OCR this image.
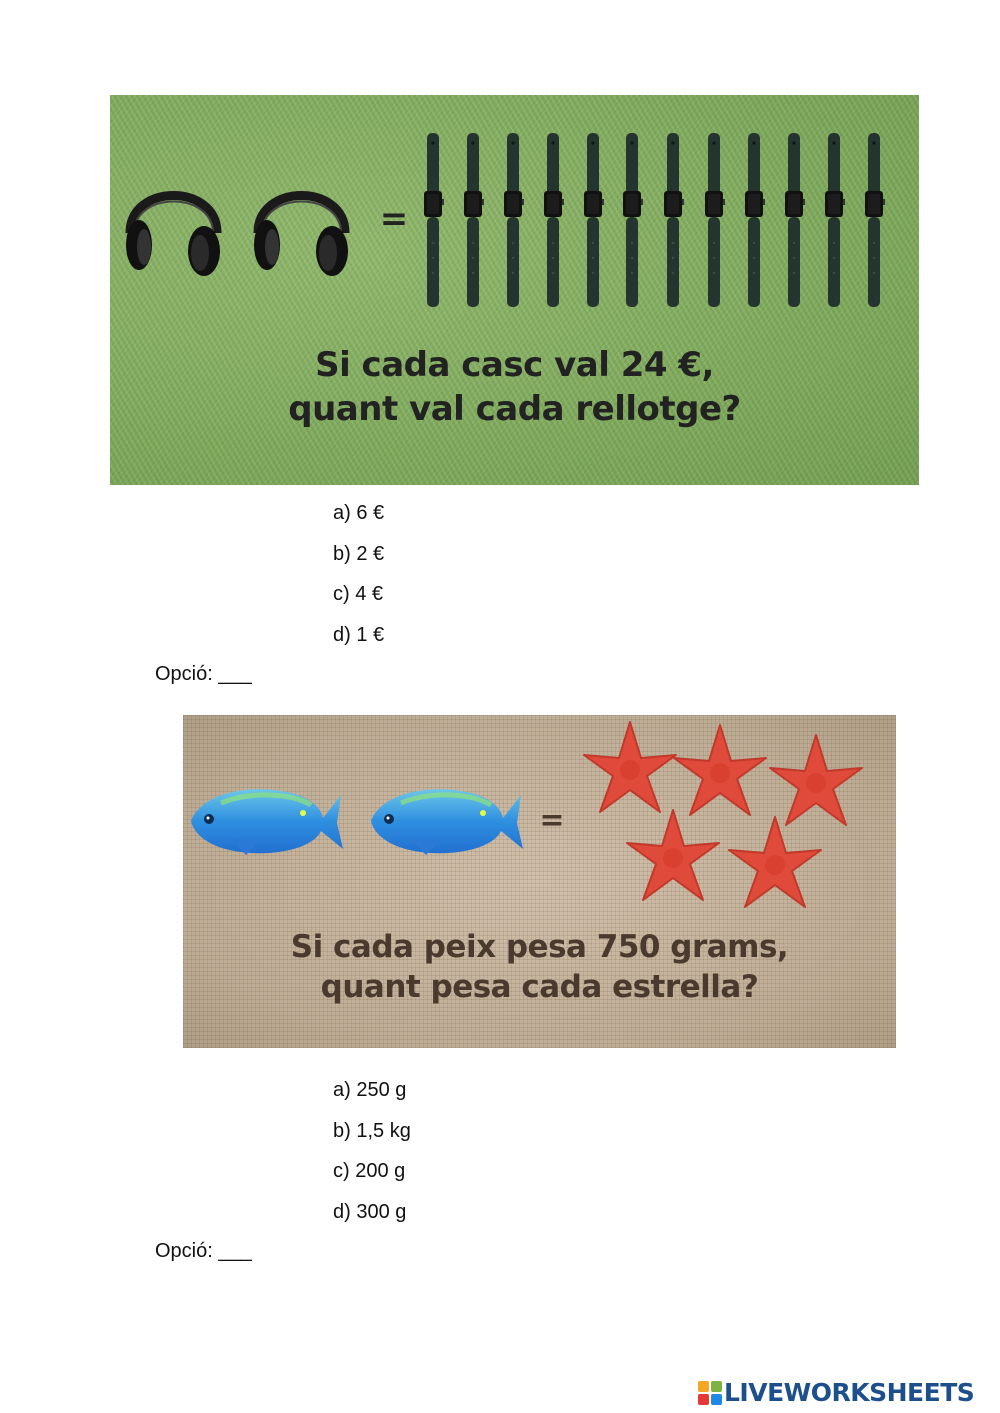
=
Si cada casc val 24 €,
quant val cada rellotge?
a) 6 €
b) 2 €
c) 4 €
d) 1 €
Opció: ___
=
Si cada peix pesa 750 grams,
quant pesa cada estrella?
a) 250 g
b) 1,5 kg
c) 200 g
d) 300 g
Opció: ___
LIVEWORKSHEETS
